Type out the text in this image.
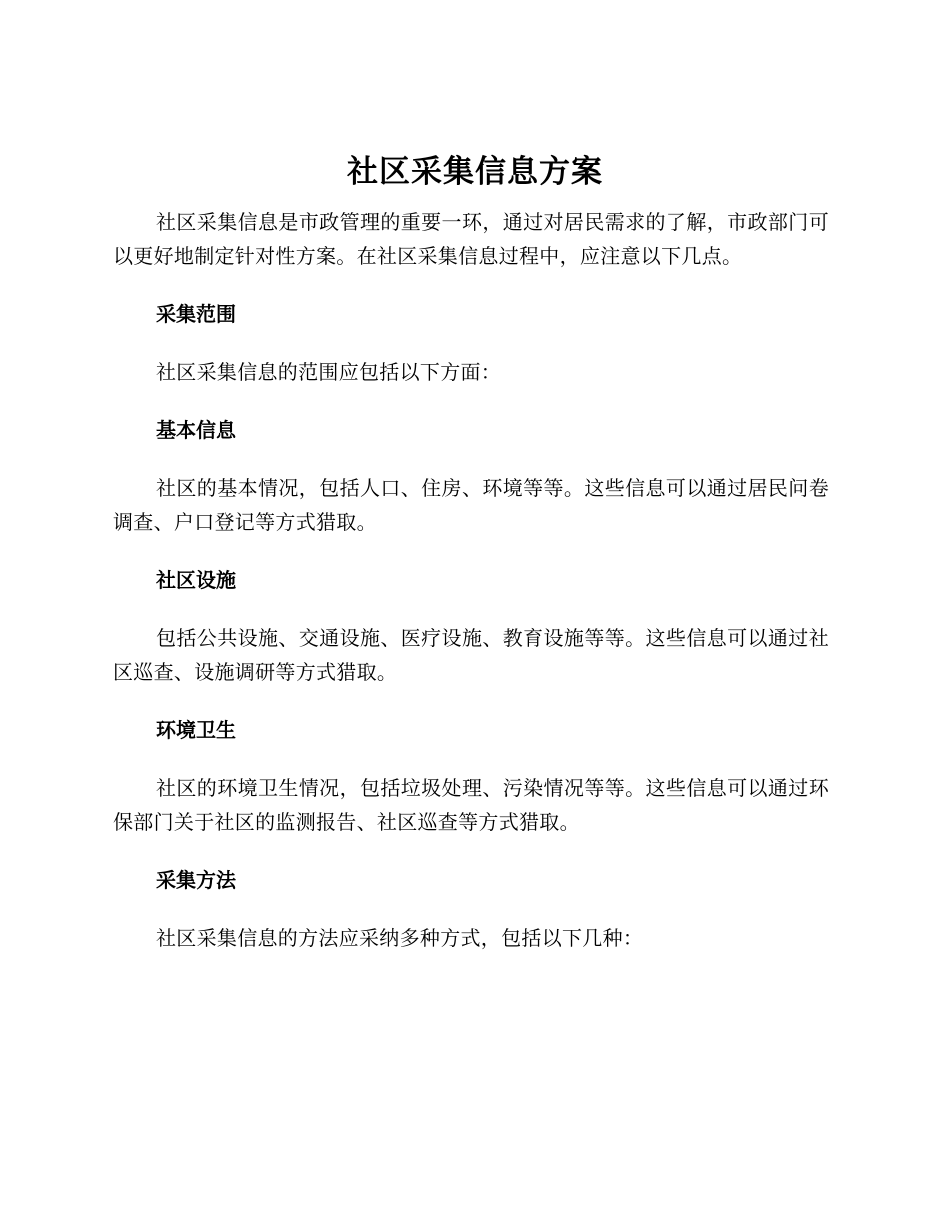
社区采集信息方案

社区采集信息是市政管理的重要一环，通过对居民需求的了解，市政部门可以更好地制定针对性方案。在社区采集信息过程中，应注意以下几点。

采集范围

社区采集信息的范围应包括以下方面：

基本信息

社区的基本情况，包括人口、住房、环境等等。这些信息可以通过居民问卷调查、户口登记等方式猎取。

社区设施

包括公共设施、交通设施、医疗设施、教育设施等等。这些信息可以通过社区巡查、设施调研等方式猎取。

环境卫生

社区的环境卫生情况，包括垃圾处理、污染情况等等。这些信息可以通过环保部门关于社区的监测报告、社区巡查等方式猎取。

采集方法

社区采集信息的方法应采纳多种方式，包括以下几种：
